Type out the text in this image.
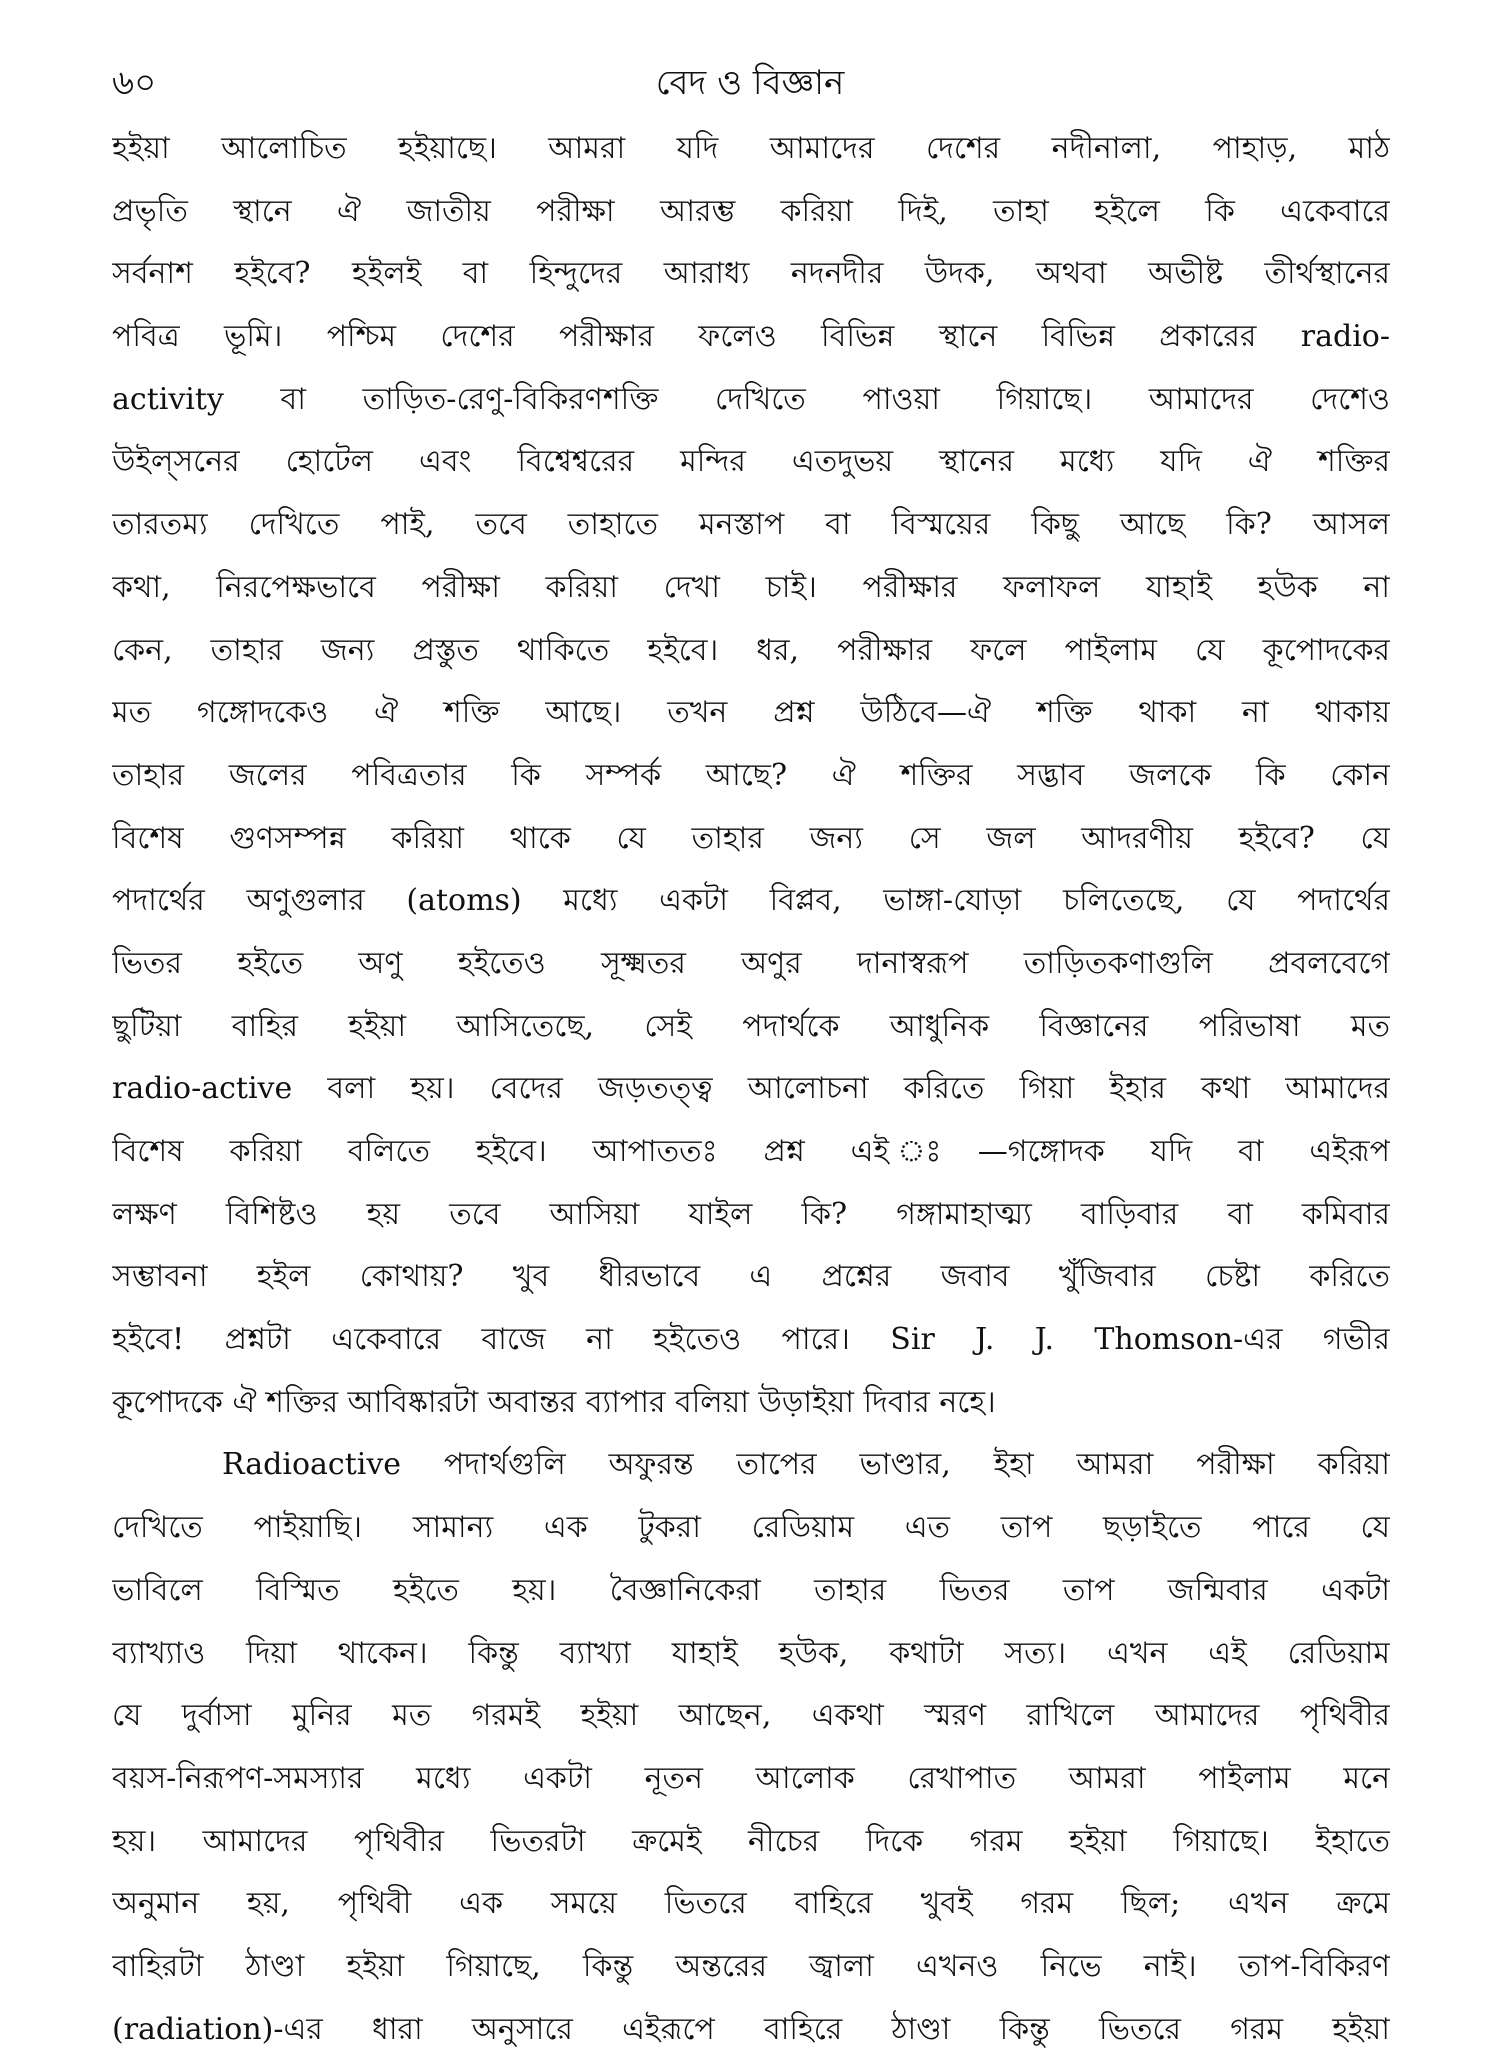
৬০	বেদ ও বিজ্ঞান
হইয়া আলোচিত হইয়াছে। আমরা যদি আমাদের দেশের নদীনালা, পাহাড়, মাঠ
প্রভৃতি স্থানে ঐ জাতীয় পরীক্ষা আরম্ভ করিয়া দিই, তাহা হইলে কি একেবারে
সর্বনাশ হইবে? হইলই বা হিন্দুদের আরাধ্য নদনদীর উদক, অথবা অভীষ্ট তীর্থস্থানের
পবিত্র ভূমি। পশ্চিম দেশের পরীক্ষার ফলেও বিভিন্ন স্থানে বিভিন্ন প্রকারের radio-
activity বা তাড়িত-রেণু-বিকিরণশক্তি দেখিতে পাওয়া গিয়াছে। আমাদের দেশেও
উইল্সনের হোটেল এবং বিশ্বেশ্বরের মন্দির এতদুভয় স্থানের মধ্যে যদি ঐ শক্তির
তারতম্য দেখিতে পাই, তবে তাহাতে মনস্তাপ বা বিস্ময়ের কিছু আছে কি? আসল
কথা, নিরপেক্ষভাবে পরীক্ষা করিয়া দেখা চাই। পরীক্ষার ফলাফল যাহাই হউক না
কেন, তাহার জন্য প্রস্তুত থাকিতে হইবে। ধর, পরীক্ষার ফলে পাইলাম যে কূপোদকের
মত গঙ্গোদকেও ঐ শক্তি আছে। তখন প্রশ্ন উঠিবে—ঐ শক্তি থাকা না থাকায়
তাহার জলের পবিত্রতার কি সম্পর্ক আছে? ঐ শক্তির সদ্ভাব জলকে কি কোন
বিশেষ গুণসম্পন্ন করিয়া থাকে যে তাহার জন্য সে জল আদরণীয় হইবে? যে
পদার্থের অণুগুলার (atoms) মধ্যে একটা বিপ্লব, ভাঙ্গা-যোড়া চলিতেছে, যে পদার্থের
ভিতর হইতে অণু হইতেও সূক্ষ্মতর অণুর দানাস্বরূপ তাড়িতকণাগুলি প্রবলবেগে
ছুটিয়া বাহির হইয়া আসিতেছে, সেই পদার্থকে আধুনিক বিজ্ঞানের পরিভাষা মত
radio-active বলা হয়। বেদের জড়তত্ত্ব আলোচনা করিতে গিয়া ইহার কথা আমাদের
বিশেষ করিয়া বলিতে হইবে। আপাততঃ প্রশ্ন এই ঃ—গঙ্গোদক যদি বা এইরূপ
লক্ষণ বিশিষ্টও হয় তবে আসিয়া যাইল কি? গঙ্গামাহাত্ম্য বাড়িবার বা কমিবার
সম্ভাবনা হইল কোথায়? খুব ধীরভাবে এ প্রশ্নের জবাব খুঁজিবার চেষ্টা করিতে
হইবে! প্রশ্নটা একেবারে বাজে না হইতেও পারে। Sir J. J. Thomson-এর গভীর
কূপোদকে ঐ শক্তির আবিষ্কারটা অবান্তর ব্যাপার বলিয়া উড়াইয়া দিবার নহে।
Radioactive পদার্থগুলি অফুরন্ত তাপের ভাণ্ডার, ইহা আমরা পরীক্ষা করিয়া
দেখিতে পাইয়াছি। সামান্য এক টুকরা রেডিয়াম এত তাপ ছড়াইতে পারে যে
ভাবিলে বিস্মিত হইতে হয়। বৈজ্ঞানিকেরা তাহার ভিতর তাপ জন্মিবার একটা
ব্যাখ্যাও দিয়া থাকেন। কিন্তু ব্যাখ্যা যাহাই হউক, কথাটা সত্য। এখন এই রেডিয়াম
যে দুর্বাসা মুনির মত গরমই হইয়া আছেন, একথা স্মরণ রাখিলে আমাদের পৃথিবীর
বয়স-নিরূপণ-সমস্যার মধ্যে একটা নূতন আলোক রেখাপাত আমরা পাইলাম মনে
হয়। আমাদের পৃথিবীর ভিতরটা ক্রমেই নীচের দিকে গরম হইয়া গিয়াছে। ইহাতে
অনুমান হয়, পৃথিবী এক সময়ে ভিতরে বাহিরে খুবই গরম ছিল; এখন ক্রমে
বাহিরটা ঠাণ্ডা হইয়া গিয়াছে, কিন্তু অন্তরের জ্বালা এখনও নিভে নাই। তাপ-বিকিরণ
(radiation)-এর ধারা অনুসারে এইরূপে বাহিরে ঠাণ্ডা কিন্তু ভিতরে গরম হইয়া
